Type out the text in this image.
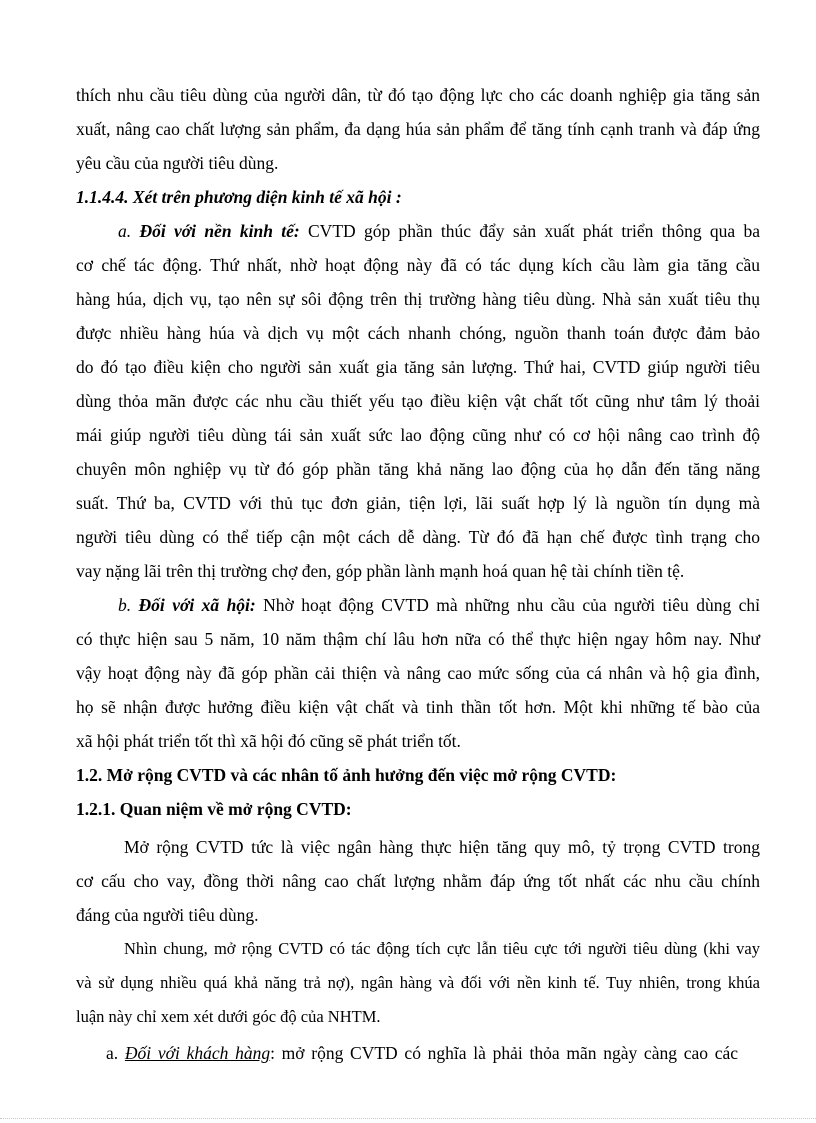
thích nhu cầu tiêu dùng của người dân, từ đó tạo động lực cho các doanh nghiệp gia tăng sản
xuất, nâng cao chất lượng sản phẩm, đa dạng húa sản phẩm để tăng tính cạnh tranh và đáp ứng
yêu cầu của người tiêu dùng.
1.1.4.4. Xét trên phương diện kinh tế xã hội :
a. Đối với nền kinh tế: CVTD góp phần thúc đẩy sản xuất phát triển thông qua ba
cơ chế tác động. Thứ nhất, nhờ hoạt động này đã có tác dụng kích cầu làm gia tăng cầu
hàng húa, dịch vụ, tạo nên sự sôi động trên thị trường hàng tiêu dùng. Nhà sản xuất tiêu thụ
được nhiều hàng húa và dịch vụ một cách nhanh chóng, nguồn thanh toán được đảm bảo
do đó tạo điều kiện cho người sản xuất gia tăng sản lượng. Thứ hai, CVTD giúp người tiêu
dùng thỏa mãn được các nhu cầu thiết yếu tạo điều kiện vật chất tốt cũng như tâm lý thoải
mái giúp người tiêu dùng tái sản xuất sức lao động cũng như có cơ hội nâng cao trình độ
chuyên môn nghiệp vụ từ đó góp phần tăng khả năng lao động của họ dẫn đến tăng năng
suất. Thứ ba, CVTD với thủ tục đơn giản, tiện lợi, lãi suất hợp lý là nguồn tín dụng mà
người tiêu dùng có thể tiếp cận một cách dễ dàng. Từ đó đã hạn chế được tình trạng cho
vay nặng lãi trên thị trường chợ đen, góp phần lành mạnh hoá quan hệ tài chính tiền tệ.
b. Đối với xã hội: Nhờ hoạt động CVTD mà những nhu cầu của người tiêu dùng chỉ
có thực hiện sau 5 năm, 10 năm thậm chí lâu hơn nữa có thể thực hiện ngay hôm nay. Như
vậy hoạt động này đã góp phần cải thiện và nâng cao mức sống của cá nhân và hộ gia đình,
họ sẽ nhận được hưởng điều kiện vật chất và tinh thần tốt hơn. Một khi những tế bào của
xã hội phát triển tốt thì xã hội đó cũng sẽ phát triển tốt.
1.2. Mở rộng CVTD và các nhân tố ảnh hưởng đến việc mở rộng CVTD:
1.2.1. Quan niệm về mở rộng CVTD:
Mở rộng CVTD tức là việc ngân hàng thực hiện tăng quy mô, tỷ trọng CVTD trong
cơ cấu cho vay, đồng thời nâng cao chất lượng nhằm đáp ứng tốt nhất các nhu cầu chính
đáng của người tiêu dùng.
Nhìn chung, mở rộng CVTD có tác động tích cực lẫn tiêu cực tới người tiêu dùng (khi vay
và sử dụng nhiều quá khả năng trả nợ), ngân hàng và đối với nền kinh tế. Tuy nhiên, trong khúa
luận này chỉ xem xét dưới góc độ của NHTM.
a. Đối với khách hàng: mở rộng CVTD có nghĩa là phải thỏa mãn ngày càng cao các
